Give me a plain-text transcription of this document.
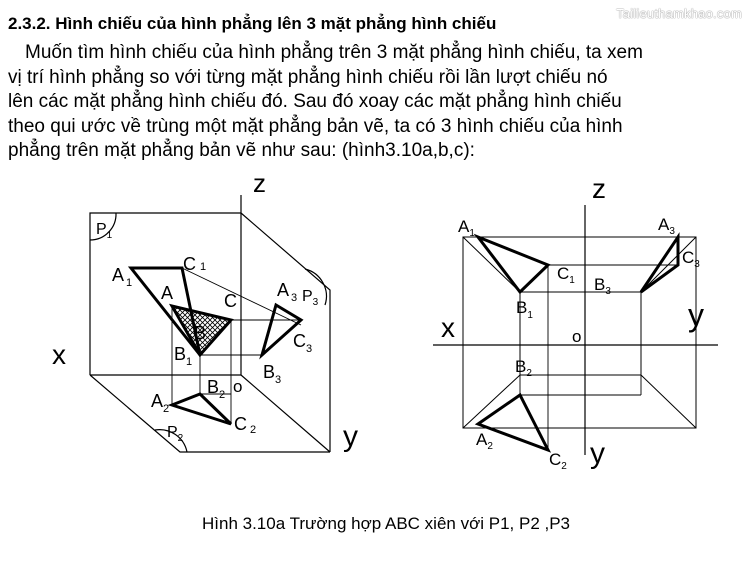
Tailieuthamkhao.com
2.3.2. Hình chiếu của hình phẳng lên 3 mặt phẳng hình chiếu
Muốn tìm hình chiếu của hình phẳng trên 3 mặt phẳng hình chiếu, ta xem
vị trí hình phẳng so với từng mặt phẳng hình chiếu rồi lần lượt chiếu nó
lên các mặt phẳng hình chiếu đó. Sau đó xoay các mặt phẳng hình chiếu
theo qui ước về trùng một mặt phẳng bản vẽ, ta có 3 hình chiếu của hình
phẳng trên mặt phẳng bản vẽ như sau: (hình3.10a,b,c):
z
x
y
o
$P_1$
$P_3$
$P_2$
A $_1$
C 1
$B_1$
A
B
C
$A_2$
$B_2$
C 2
A $_3$
$C_3$
$B_3$
z
x	y
y
o
$A_1$
$C_1$
$B_1$
$A_3$
$C_3$
$B_3$
$B_2$
$A_2$
$C_2$
Hình 3.10a Trường hợp ABC xiên với P1, P2 ,P3
